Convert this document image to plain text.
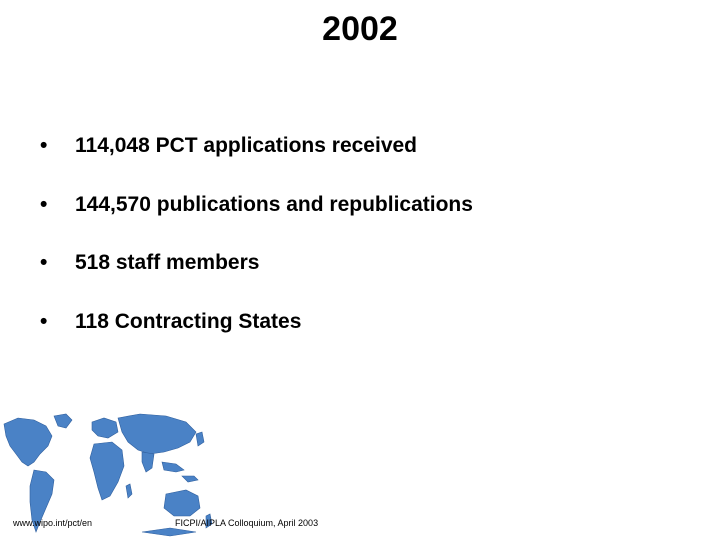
2002
•	114,048 PCT applications received
•	144,570 publications and republications
•	518 staff members
•	118 Contracting States
www.wipo.int/pct/en	FICPI/AIPLA Colloquium, April 2003
